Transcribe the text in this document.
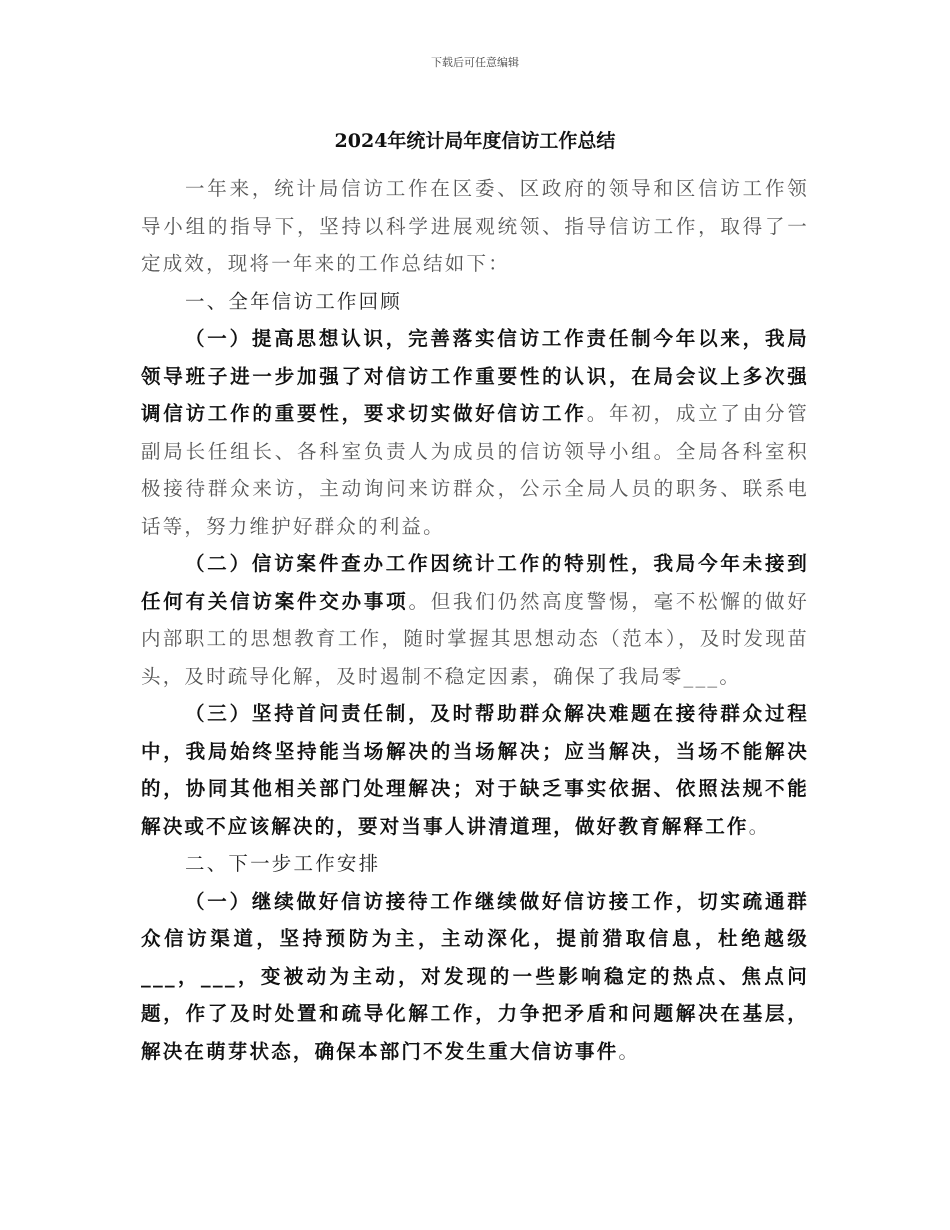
下载后可任意编辑
2024年统计局年度信访工作总结

一年来，统计局信访工作在区委、区政府的领导和区信访工作领导小组的指导下，坚持以科学进展观统领、指导信访工作，取得了一定成效，现将一年来的工作总结如下：

一、全年信访工作回顾

（一）提高思想认识，完善落实信访工作责任制今年以来，我局领导班子进一步加强了对信访工作重要性的认识，在局会议上多次强调信访工作的重要性，要求切实做好信访工作。年初，成立了由分管副局长任组长、各科室负责人为成员的信访领导小组。全局各科室积极接待群众来访，主动询问来访群众，公示全局人员的职务、联系电话等，努力维护好群众的利益。

（二）信访案件查办工作因统计工作的特别性，我局今年未接到任何有关信访案件交办事项。但我们仍然高度警惕，毫不松懈的做好内部职工的思想教育工作，随时掌握其思想动态（范本），及时发现苗头，及时疏导化解，及时遏制不稳定因素，确保了我局零___。

（三）坚持首问责任制，及时帮助群众解决难题在接待群众过程中，我局始终坚持能当场解决的当场解决；应当解决，当场不能解决的，协同其他相关部门处理解决；对于缺乏事实依据、依照法规不能解决或不应该解决的，要对当事人讲清道理，做好教育解释工作。

二、下一步工作安排

（一）继续做好信访接待工作继续做好信访接工作，切实疏通群众信访渠道，坚持预防为主，主动深化，提前猎取信息，杜绝越级___，___，变被动为主动，对发现的一些影响稳定的热点、焦点问题，作了及时处置和疏导化解工作，力争把矛盾和问题解决在基层，解决在萌芽状态，确保本部门不发生重大信访事件。
